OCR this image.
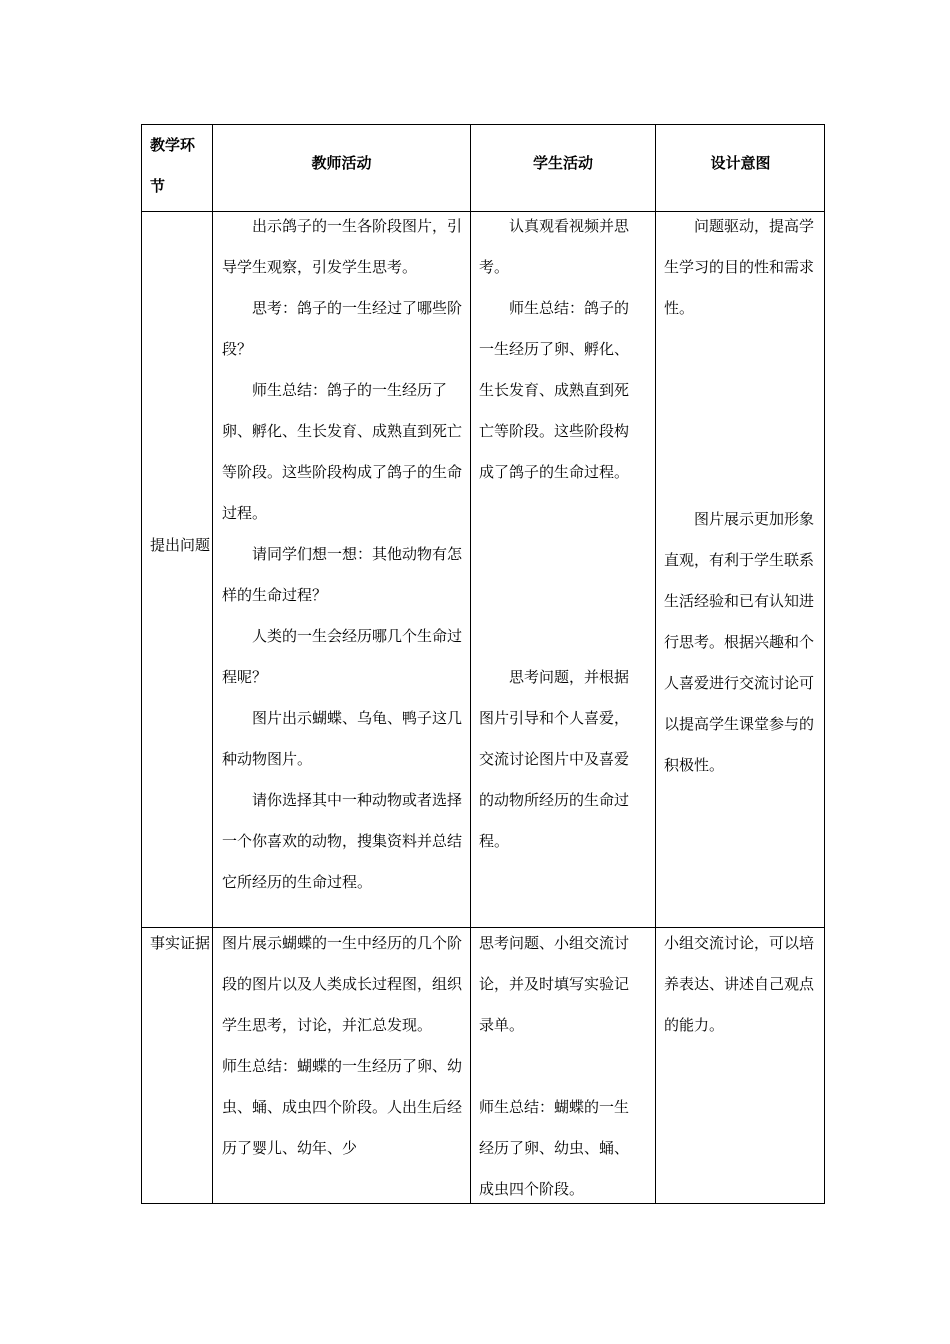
教学环节
教师活动	学生活动	设计意图
提出问题

出示鸽子的一生各阶段图片，引导学生观察，引发学生思考。

思考：鸽子的一生经过了哪些阶段？

师生总结：鸽子的一生经历了卵、孵化、生长发育、成熟直到死亡等阶段。这些阶段构成了鸽子的生命过程。

请同学们想一想：其他动物有怎样的生命过程？

人类的一生会经历哪几个生命过程呢？

图片出示蝴蝶、乌龟、鸭子这几种动物图片。

请你选择其中一种动物或者选择一个你喜欢的动物，搜集资料并总结它所经历的生命过程。

认真观看视频并思考。

师生总结：鸽子的一生经历了卵、孵化、生长发育、成熟直到死亡等阶段。这些阶段构成了鸽子的生命过程。

思考问题，并根据图片引导和个人喜爱，交流讨论图片中及喜爱的动物所经历的生命过程。

问题驱动，提高学生学习的目的性和需求性。

图片展示更加形象直观，有利于学生联系生活经验和已有认知进行思考。根据兴趣和个人喜爱进行交流讨论可以提高学生课堂参与的积极性。

事实证据 图片展示蝴蝶的一生中经历的几个阶段的图片以及人类成长过程图，组织学生思考，讨论，并汇总发现。

师生总结：蝴蝶的一生经历了卵、幼虫、蛹、成虫四个阶段。人出生后经历了婴儿、幼年、少

思考问题、小组交流讨论，并及时填写实验记录单。

师生总结：蝴蝶的一生经历了卵、幼虫、蛹、成虫四个阶段。

小组交流讨论，可以培养表达、讲述自己观点的能力。
